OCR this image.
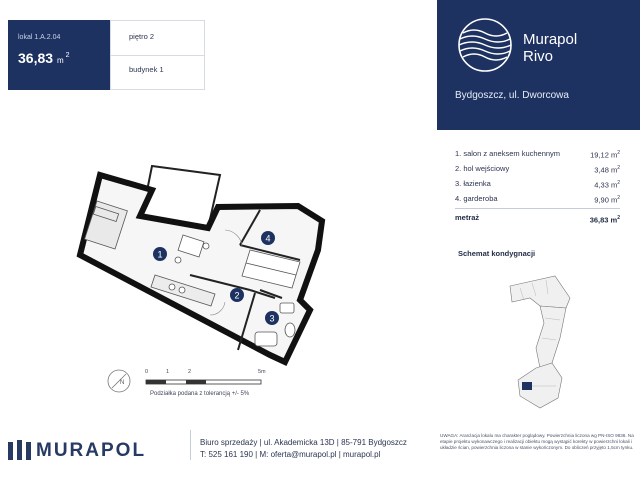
lokal 1.A.2.04
36,83 $m^2$
piętro 2
budynek 1
Murapol
Rivo
Bydgoszcz, ul. Dworcowa
1
2
3
4
N
0	1	2	5m
Podziałka podana z tolerancją +/- 5%
1. salon z aneksem kuchennym	19,12 $m^2$
2. hol wejściowy	3,48 $m^2$
3. łazienka	4,33 $m^2$
4. garderoba	9,90 $m^2$
metraż	36,83 $m^2$
Schemat kondygnacji
MURAPOL	Biuro sprzedaży | ul. Akademicka 13D | 85-791 Bydgoszcz
T: 525 161 190 | M: oferta@murapol.pl | murapol.pl
UWAGA: Aranżacja lokalu ma charakter poglądowy. Powierzchnia liczona wg PN-ISO 9836. Na etapie projektu wykonawczego i realizacji obiektu mogą wystąpić korekty w powierzchni lokali i układzie ścian, powierzchnia liczona w stanie wykończonym. Do obliczeń przyjęto 1,5cm tynku.
